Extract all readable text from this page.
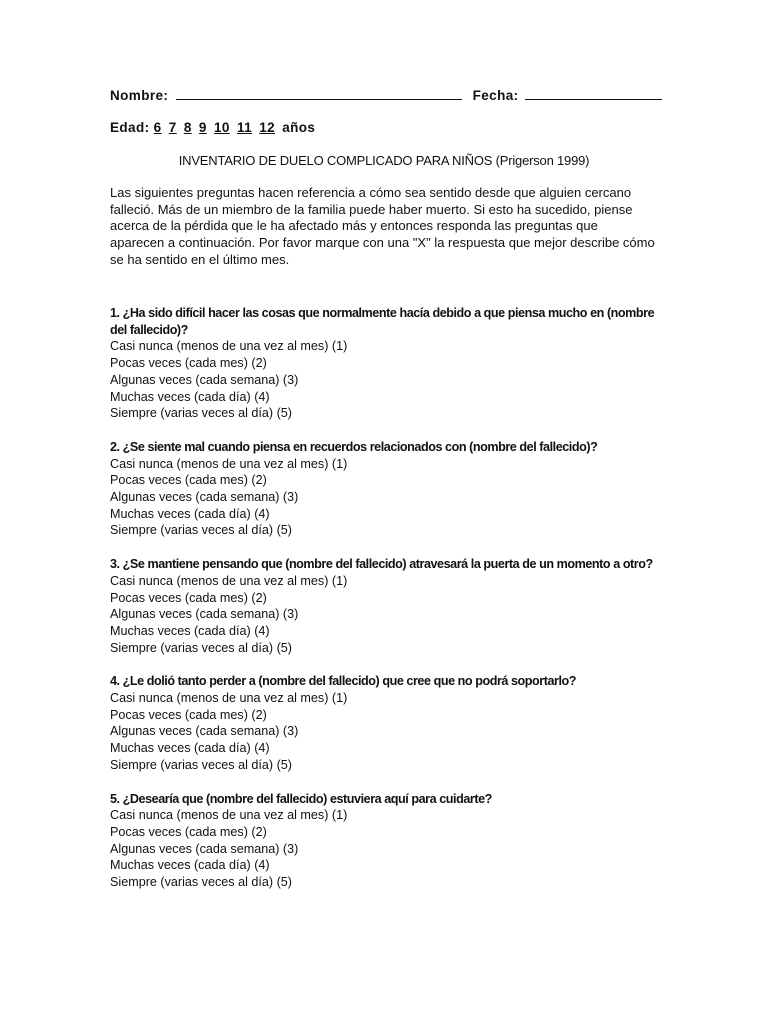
Nombre:	Fecha:
Edad: 6 7 8 9 10 11 12 años
INVENTARIO DE DUELO COMPLICADO PARA NIÑOS (Prigerson 1999)

Las siguientes preguntas hacen referencia a cómo sea sentido desde que alguien cercano falleció. Más de un miembro de la familia puede haber muerto. Si esto ha sucedido, piense acerca de la pérdida que le ha afectado más y entonces responda las preguntas que aparecen a continuación. Por favor marque con una "X" la respuesta que mejor describe cómo se ha sentido en el último mes.

1. ¿Ha sido difícil hacer las cosas que normalmente hacía debido a que piensa mucho en (nombre del fallecido)?

Casi nunca (menos de una vez al mes) (1)

Pocas veces (cada mes) (2)

Algunas veces (cada semana) (3)

Muchas veces (cada día) (4)

Siempre (varias veces al día) (5)

2. ¿Se siente mal cuando piensa en recuerdos relacionados con (nombre del fallecido)?

Casi nunca (menos de una vez al mes) (1)

Pocas veces (cada mes) (2)

Algunas veces (cada semana) (3)

Muchas veces (cada día) (4)

Siempre (varias veces al día) (5)

3. ¿Se mantiene pensando que (nombre del fallecido) atravesará la puerta de un momento a otro?

Casi nunca (menos de una vez al mes) (1)

Pocas veces (cada mes) (2)

Algunas veces (cada semana) (3)

Muchas veces (cada día) (4)

Siempre (varias veces al día) (5)

4. ¿Le dolió tanto perder a (nombre del fallecido) que cree que no podrá soportarlo?

Casi nunca (menos de una vez al mes) (1)

Pocas veces (cada mes) (2)

Algunas veces (cada semana) (3)

Muchas veces (cada día) (4)

Siempre (varias veces al día) (5)

5. ¿Desearía que (nombre del fallecido) estuviera aquí para cuidarte?

Casi nunca (menos de una vez al mes) (1)

Pocas veces (cada mes) (2)

Algunas veces (cada semana) (3)

Muchas veces (cada día) (4)

Siempre (varias veces al día) (5)
